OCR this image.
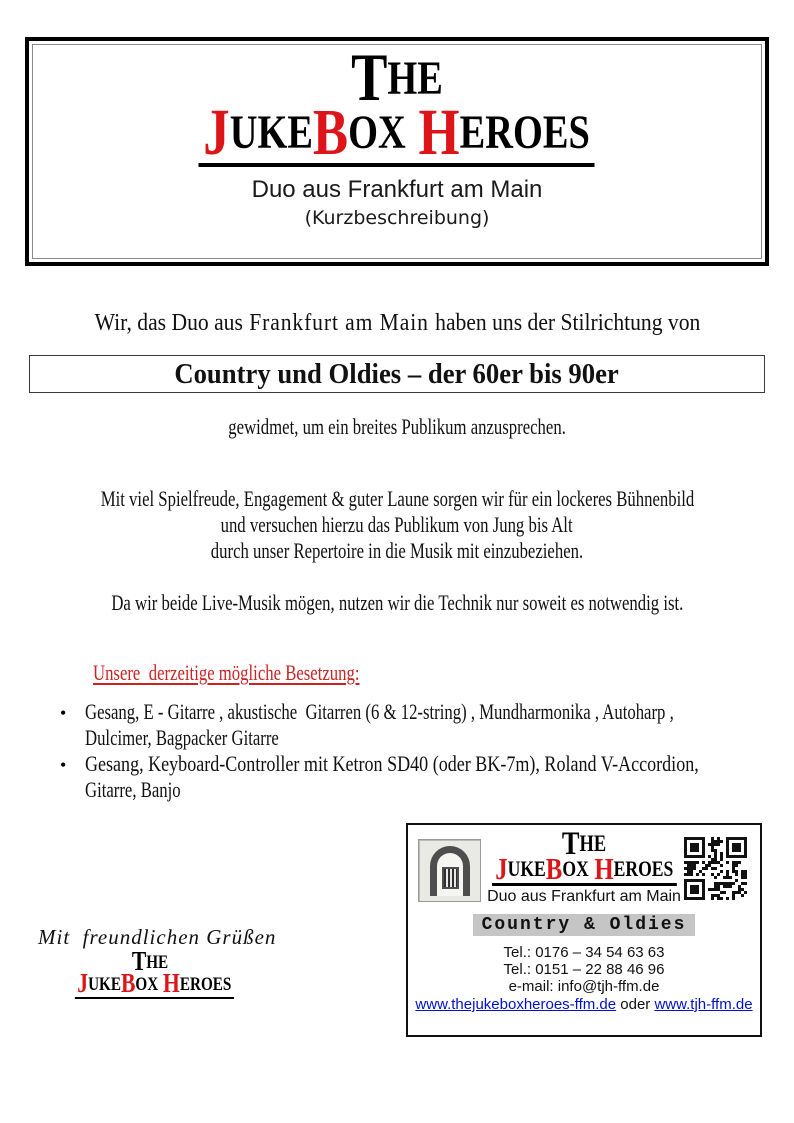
THE
JUKEBOX HEROES
Duo aus Frankfurt am Main
(Kurzbeschreibung)
Wir, das Duo aus Frankfurt am Main haben uns der Stilrichtung von
Country und Oldies – der 60er bis 90er
gewidmet, um ein breites Publikum anzusprechen.
Mit viel Spielfreude, Engagement & guter Laune sorgen wir für ein lockeres Bühnenbild
und versuchen hierzu das Publikum von Jung bis Alt
durch unser Repertoire in die Musik mit einzubeziehen.
Da wir beide Live-Musik mögen, nutzen wir die Technik nur soweit es notwendig ist.
Unsere  derzeitige mögliche Besetzung:
• Gesang, E - Gitarre , akustische  Gitarren (6 & 12-string) , Mundharmonika , Autoharp ,
Dulcimer, Bagpacker Gitarre
• Gesang, Keyboard-Controller mit Ketron SD40 (oder BK-7m), Roland V-Accordion,
Gitarre, Banjo
Mit  freundlichen Grüßen
THE
JUKEBOX HEROES
THE
JUKEBOX HEROES
Duo aus Frankfurt am Main
Country & Oldies
Tel.: 0176 – 34 54 63 63
Tel.: 0151 – 22 88 46 96
e-mail: info@tjh-ffm.de
www.thejukeboxheroes-ffm.de oder www.tjh-ffm.de
